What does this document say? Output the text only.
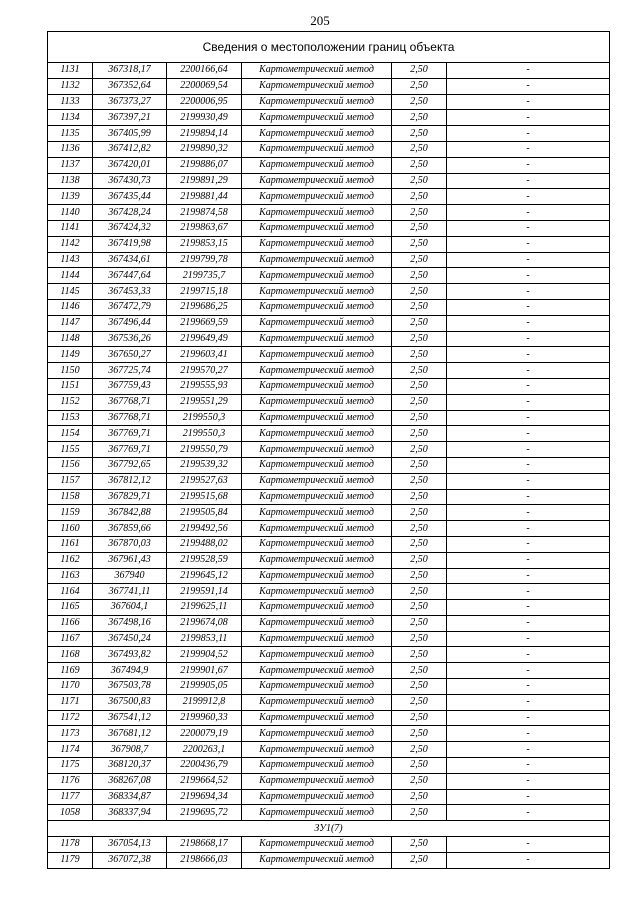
205
Сведения о местоположении границ объекта					
1131	367318,17	2200166,64	Картометрический метод	2,50	-
1132	367352,64	2200069,54	Картометрический метод	2,50	-
1133	367373,27	2200006,95	Картометрический метод	2,50	-
1134	367397,21	2199930,49	Картометрический метод	2,50	-
1135	367405,99	2199894,14	Картометрический метод	2,50	-
1136	367412,82	2199890,32	Картометрический метод	2,50	-
1137	367420,01	2199886,07	Картометрический метод	2,50	-
1138	367430,73	2199891,29	Картометрический метод	2,50	-
1139	367435,44	2199881,44	Картометрический метод	2,50	-
1140	367428,24	2199874,58	Картометрический метод	2,50	-
1141	367424,32	2199863,67	Картометрический метод	2,50	-
1142	367419,98	2199853,15	Картометрический метод	2,50	-
1143	367434,61	2199799,78	Картометрический метод	2,50	-
1144	367447,64	2199735,7	Картометрический метод	2,50	-
1145	367453,33	2199715,18	Картометрический метод	2,50	-
1146	367472,79	2199686,25	Картометрический метод	2,50	-
1147	367496,44	2199669,59	Картометрический метод	2,50	-
1148	367536,26	2199649,49	Картометрический метод	2,50	-
1149	367650,27	2199603,41	Картометрический метод	2,50	-
1150	367725,74	2199570,27	Картометрический метод	2,50	-
1151	367759,43	2199555,93	Картометрический метод	2,50	-
1152	367768,71	2199551,29	Картометрический метод	2,50	-
1153	367768,71	2199550,3	Картометрический метод	2,50	-
1154	367769,71	2199550,3	Картометрический метод	2,50	-
1155	367769,71	2199550,79	Картометрический метод	2,50	-
1156	367792,65	2199539,32	Картометрический метод	2,50	-
1157	367812,12	2199527,63	Картометрический метод	2,50	-
1158	367829,71	2199515,68	Картометрический метод	2,50	-
1159	367842,88	2199505,84	Картометрический метод	2,50	-
1160	367859,66	2199492,56	Картометрический метод	2,50	-
1161	367870,03	2199488,02	Картометрический метод	2,50	-
1162	367961,43	2199528,59	Картометрический метод	2,50	-
1163	367940	2199645,12	Картометрический метод	2,50	-
1164	367741,11	2199591,14	Картометрический метод	2,50	-
1165	367604,1	2199625,11	Картометрический метод	2,50	-
1166	367498,16	2199674,08	Картометрический метод	2,50	-
1167	367450,24	2199853,11	Картометрический метод	2,50	-
1168	367493,82	2199904,52	Картометрический метод	2,50	-
1169	367494,9	2199901,67	Картометрический метод	2,50	-
1170	367503,78	2199905,05	Картометрический метод	2,50	-
1171	367500,83	2199912,8	Картометрический метод	2,50	-
1172	367541,12	2199960,33	Картометрический метод	2,50	-
1173	367681,12	2200079,19	Картометрический метод	2,50	-
1174	367908,7	2200263,1	Картометрический метод	2,50	-
1175	368120,37	2200436,79	Картометрический метод	2,50	-
1176	368267,08	2199664,52	Картометрический метод	2,50	-
1177	368334,87	2199694,34	Картометрический метод	2,50	-
1058	368337,94	2199695,72	Картометрический метод	2,50	-
ЗУ1(7)					
1178	367054,13	2198668,17	Картометрический метод	2,50	-
1179	367072,38	2198666,03	Картометрический метод	2,50	-
